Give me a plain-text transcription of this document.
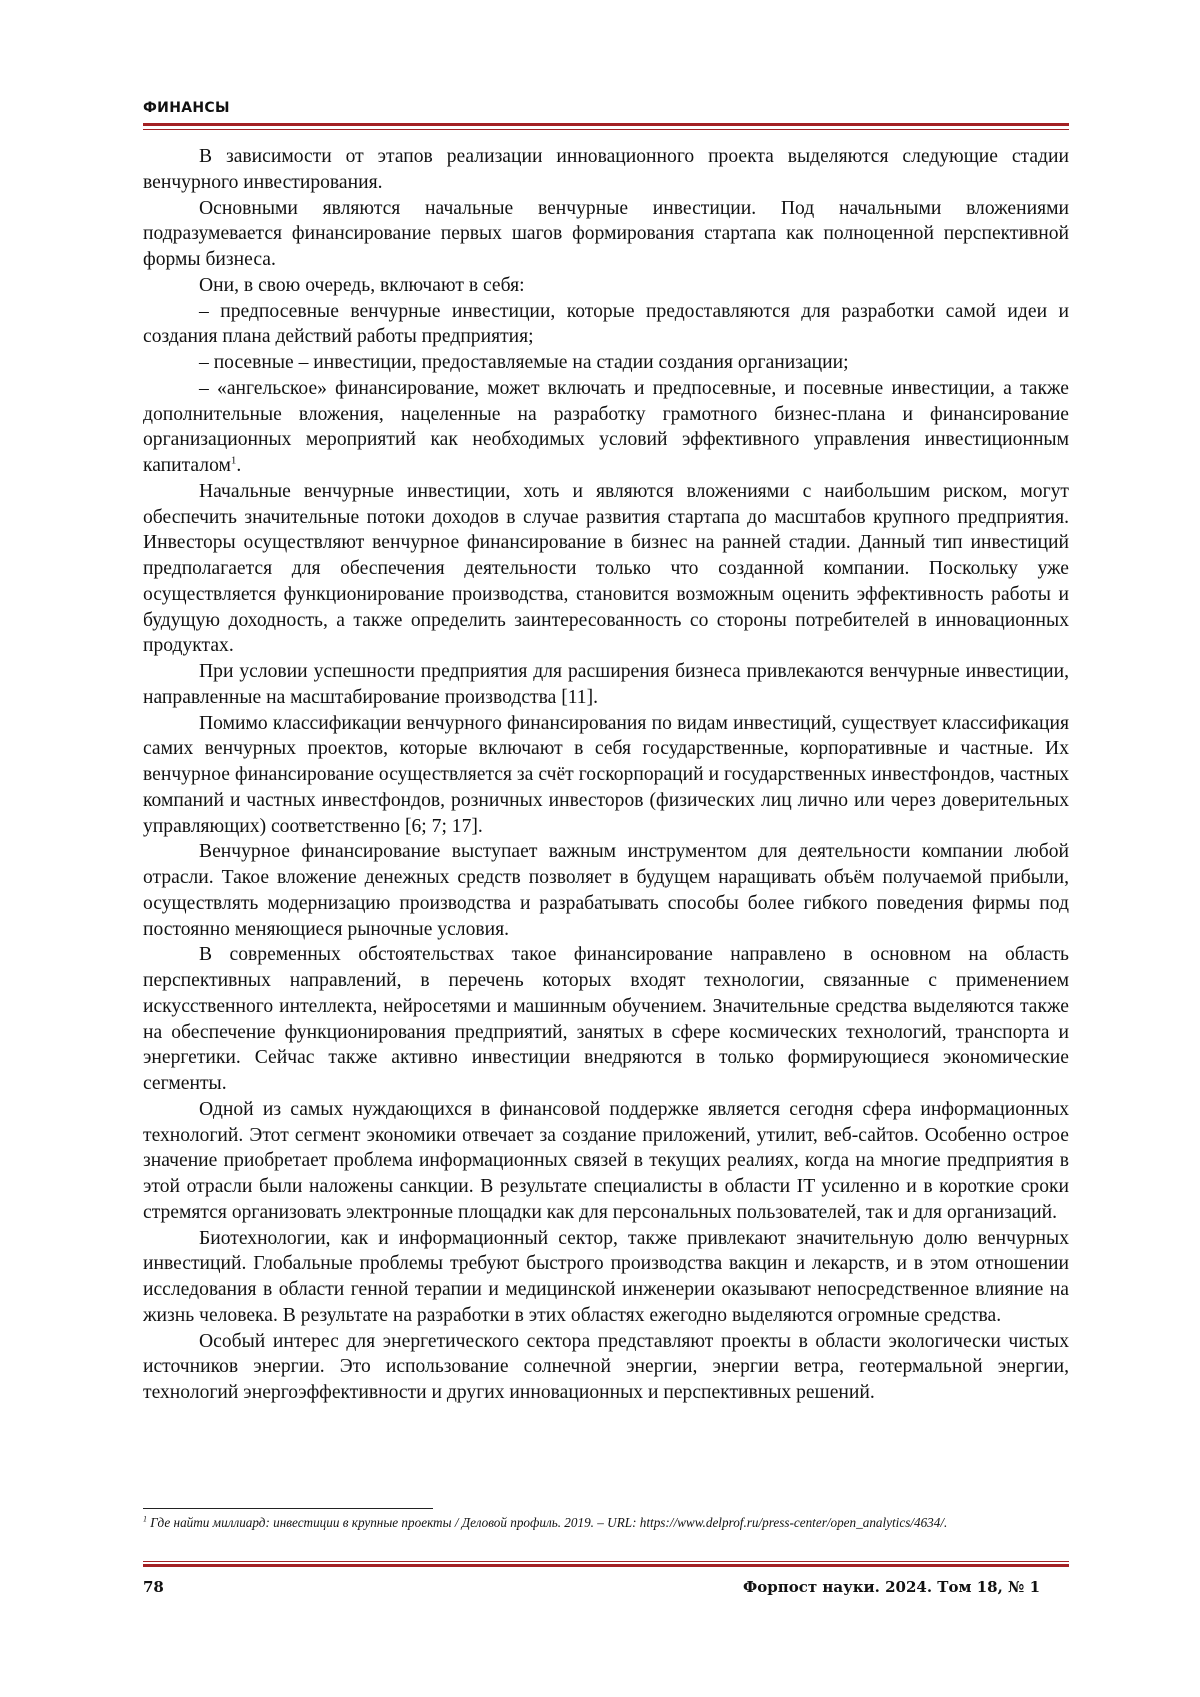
ФИНАНСЫ

В зависимости от этапов реализации инновационного проекта выделяются следующие стадии венчурного инвестирования.

Основными являются начальные венчурные инвестиции. Под начальными вложениями подразумевается финансирование первых шагов формирования стартапа как полноценной перспективной формы бизнеса.

Они, в свою очередь, включают в себя:

– предпосевные венчурные инвестиции, которые предоставляются для разработки самой идеи и создания плана действий работы предприятия;

– посевные – инвестиции, предоставляемые на стадии создания организации;

– «ангельское» финансирование, может включать и предпосевные, и посевные инвестиции, а также дополнительные вложения, нацеленные на разработку грамотного бизнес-плана и финансирование организационных мероприятий как необходимых условий эффективного управления инвестиционным капиталом$^1$.

Начальные венчурные инвестиции, хоть и являются вложениями с наибольшим риском, могут обеспечить значительные потоки доходов в случае развития стартапа до масштабов крупного предприятия. Инвесторы осуществляют венчурное финансирование в бизнес на ранней стадии. Данный тип инвестиций предполагается для обеспечения деятельности только что созданной компании. Поскольку уже осуществляется функционирование производства, становится возможным оценить эффективность работы и будущую доходность, а также определить заинтересованность со стороны потребителей в инновационных продуктах.

При условии успешности предприятия для расширения бизнеса привлекаются венчурные инвестиции, направленные на масштабирование производства [11].

Помимо классификации венчурного финансирования по видам инвестиций, существует классификация самих венчурных проектов, которые включают в себя государственные, корпоративные и частные. Их венчурное финансирование осуществляется за счёт госкорпораций и государственных инвестфондов, частных компаний и частных инвестфондов, розничных инвесторов (физических лиц лично или через доверительных управляющих) соответственно [6; 7; 17].

Венчурное финансирование выступает важным инструментом для деятельности компании любой отрасли. Такое вложение денежных средств позволяет в будущем наращивать объём получаемой прибыли, осуществлять модернизацию производства и разрабатывать способы более гибкого поведения фирмы под постоянно меняющиеся рыночные условия.

В современных обстоятельствах такое финансирование направлено в основном на область перспективных направлений, в перечень которых входят технологии, связанные с применением искусственного интеллекта, нейросетями и машинным обучением. Значительные средства выделяются также на обеспечение функционирования предприятий, занятых в сфере космических технологий, транспорта и энергетики. Сейчас также активно инвестиции внедряются в только формирующиеся экономические сегменты.

Одной из самых нуждающихся в финансовой поддержке является сегодня сфера информационных технологий. Этот сегмент экономики отвечает за создание приложений, утилит, веб-сайтов. Особенно острое значение приобретает проблема информационных связей в текущих реалиях, когда на многие предприятия в этой отрасли были наложены санкции. В результате специалисты в области IT усиленно и в короткие сроки стремятся организовать электронные площадки как для персональных пользователей, так и для организаций.

Биотехнологии, как и информационный сектор, также привлекают значительную долю венчурных инвестиций. Глобальные проблемы требуют быстрого производства вакцин и лекарств, и в этом отношении исследования в области генной терапии и медицинской инженерии оказывают непосредственное влияние на жизнь человека. В результате на разработки в этих областях ежегодно выделяются огромные средства.

Особый интерес для энергетического сектора представляют проекты в области экологически чистых источников энергии. Это использование солнечной энергии, энергии ветра, геотермальной энергии, технологий энергоэффективности и других инновационных и перспективных решений.

$^1$ Где найти миллиард: инвестиции в крупные проекты / Деловой профиль. 2019. – URL: https://www.delprof.ru/press-center/open_analytics/4634/.
78	Форпост науки. 2024. Том 18, № 1
